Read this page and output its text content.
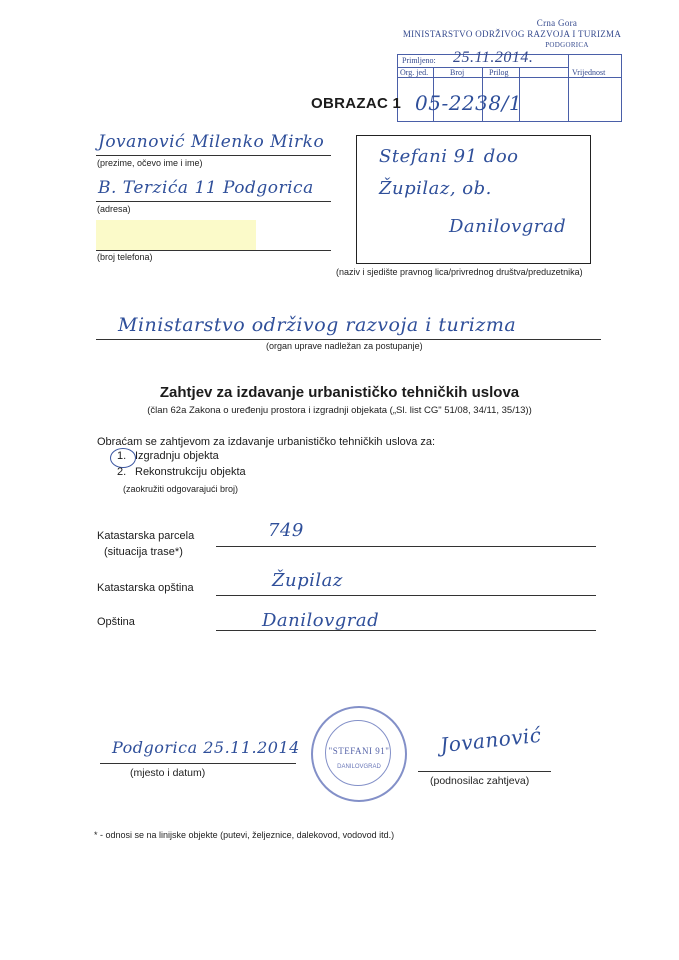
Crna Gora
MINISTARSTVO ODRŽIVOG RAZVOJA I TURIZMA
PODGORICA
Primljeno: 25.11.2014.
Org. jed.	Broj	Prilog	Vrijednost
OBRAZAC 1 05-2238/1
Jovanović Milenko Mirko
(prezime, očevo ime i ime)
B. Terzića 11 Podgorica
(adresa)
(broj telefona)
Stefani 91 doo
Župilaz, ob.
Danilovgrad
(naziv i sjedište pravnog lica/privrednog društva/preduzetnika)
Ministarstvo održivog razvoja i turizma
(organ uprave nadležan za postupanje)
Zahtjev za izdavanje urbanističko tehničkih uslova
(član 62a Zakona o uređenju prostora i izgradnji objekata („Sl. list CG" 51/08, 34/11, 35/13))
Obraćam se zahtjevom za izdavanje urbanističko tehničkih uslova za:
1. Izgradnju objekta
2. Rekonstrukciju objekta
(zaokružiti odgovarajući broj)
Katastarska parcela
(situacija trase*)
749
Katastarska opština	Župilaz
Opština	Danilovgrad
Podgorica 25.11.2014
(mjesto i datum)
"STEFANI 91"
DANILOVGRAD
Jovanović
(podnosilac zahtjeva)
* - odnosi se na linijske objekte (putevi, željeznice, dalekovod, vodovod itd.)
